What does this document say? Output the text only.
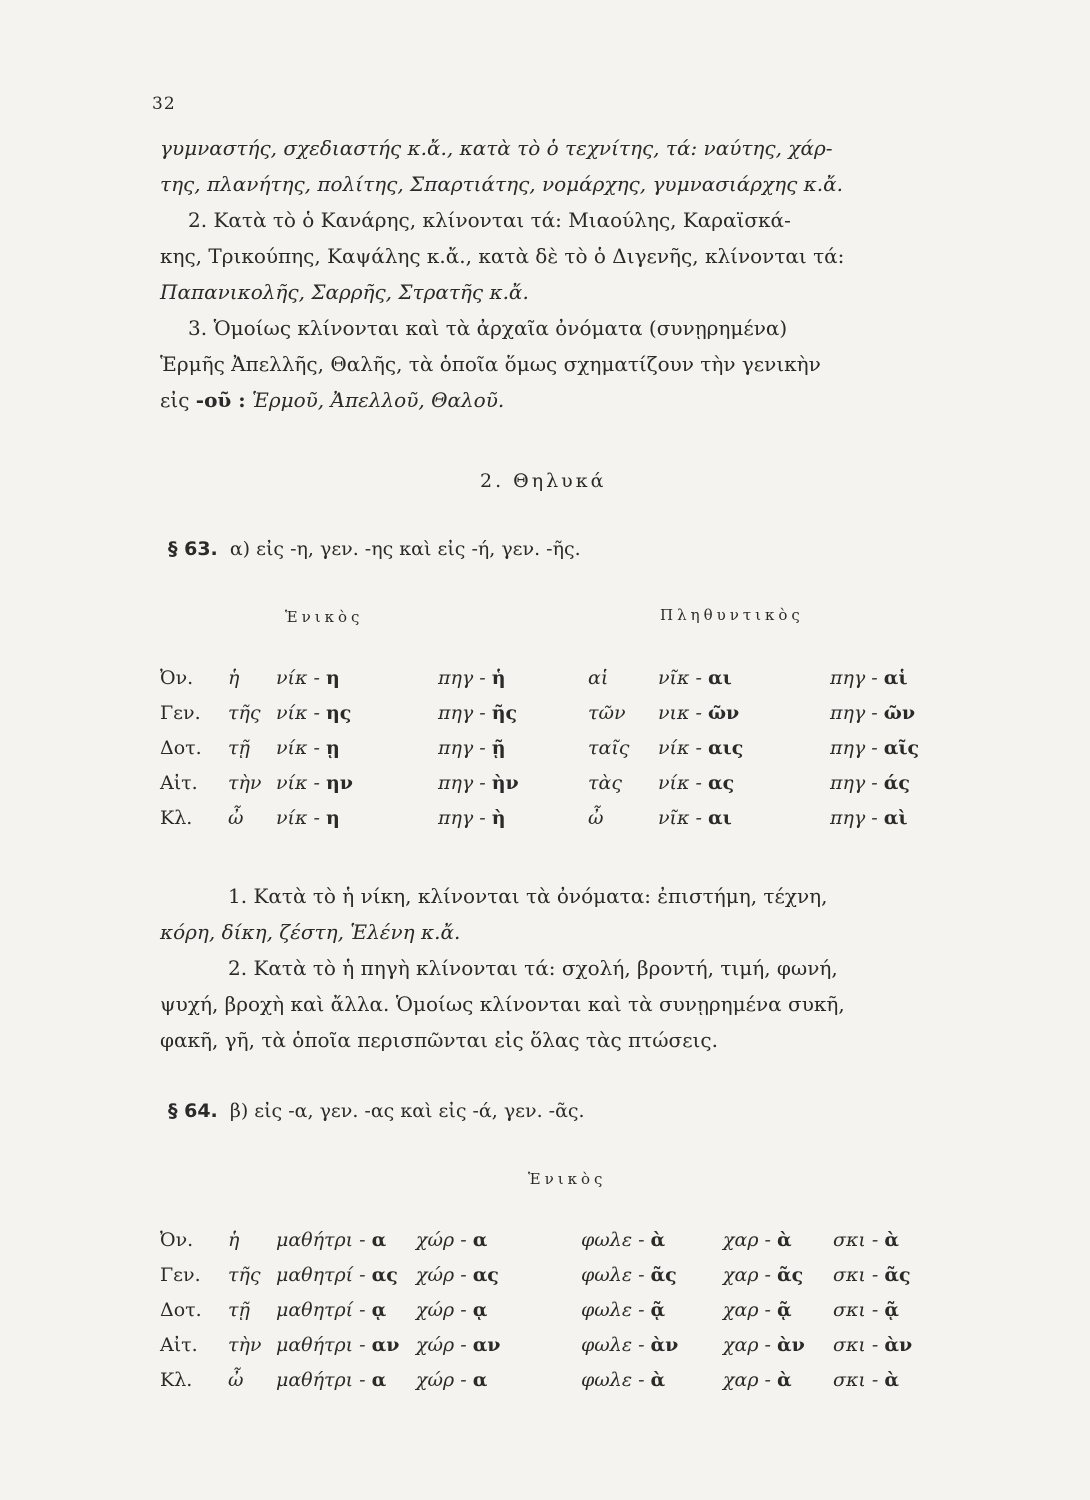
32
γυμναστής, σχεδιαστής κ.ἄ., κατὰ τὸ ὁ τεχνίτης, τά: ναύτης, χάρ-
της, πλανήτης, πολίτης, Σπαρτιάτης, νομάρχης, γυμνασιάρχης κ.ἄ.
2. Κατὰ τὸ ὁ Κανάρης, κλίνονται τά: Μιαούλης, Καραϊσκά-
κης, Τρικούπης, Καψάλης κ.ἄ., κατὰ δὲ τὸ ὁ Διγενῆς, κλίνονται τά:
Παπανικολῆς, Σαρρῆς, Στρατῆς κ.ἄ.
3. Ὁμοίως κλίνονται καὶ τὰ ἀρχαῖα ὀνόματα (συνῃρημένα)
Ἑρμῆς Ἀπελλῆς, Θαλῆς, τὰ ὁποῖα ὅμως σχηματίζουν τὴν γενικὴν
εἰς -οῦ : Ἑρμοῦ, Ἀπελλοῦ, Θαλοῦ.
2. Θηλυκά
§ 63. α) εἰς -η, γεν. -ης καὶ εἰς -ή, γεν. -ῆς.
Ἑνικὸς	Πληθυντικὸς
Ὀν.	ἡ	νίκ - η	πηγ - ἡ	αἱ	νῖκ - αι	πηγ - αἱ
Γεν.	τῆς	νίκ - ης	πηγ - ῆς	τῶν	νικ - ῶν	πηγ - ῶν
Δοτ.	τῇ	νίκ - ῃ	πηγ - ῇ	ταῖς	νίκ - αις	πηγ - αῖς
Αἰτ.	τὴν	νίκ - ην	πηγ - ὴν	τὰς	νίκ - ας	πηγ - άς
Κλ.	ὦ	νίκ - η	πηγ - ὴ	ὦ	νῖκ - αι	πηγ - αὶ
1. Κατὰ τὸ ἡ νίκη, κλίνονται τὰ ὀνόματα: ἐπιστήμη, τέχνη,
κόρη, δίκη, ζέστη, Ἑλένη κ.ἄ.
2. Κατὰ τὸ ἡ πηγὴ κλίνονται τά: σχολή, βροντή, τιμή, φωνή,
ψυχή, βροχὴ καὶ ἄλλα. Ὁμοίως κλίνονται καὶ τὰ συνῃρημένα συκῆ,
φακῆ, γῆ, τὰ ὁποῖα περισπῶνται εἰς ὅλας τὰς πτώσεις.
§ 64. β) εἰς -α, γεν. -ας καὶ εἰς -ά, γεν. -ᾶς.
Ἑνικὸς
Ὀν.	ἡ	μαθήτρι - α	χώρ - α	φωλε - ὰ	χαρ - ὰ	σκι - ὰ
Γεν.	τῆς	μαθητρί - ας	χώρ - ας	φωλε - ᾶς	χαρ - ᾶς	σκι - ᾶς
Δοτ.	τῇ	μαθητρί - ᾳ	χώρ - ᾳ	φωλε - ᾷ	χαρ - ᾷ	σκι - ᾷ
Αἰτ.	τὴν	μαθήτρι - αν	χώρ - αν	φωλε - ὰν	χαρ - ὰν	σκι - ὰν
Κλ.	ὦ	μαθήτρι - α	χώρ - α	φωλε - ὰ	χαρ - ὰ	σκι - ὰ
